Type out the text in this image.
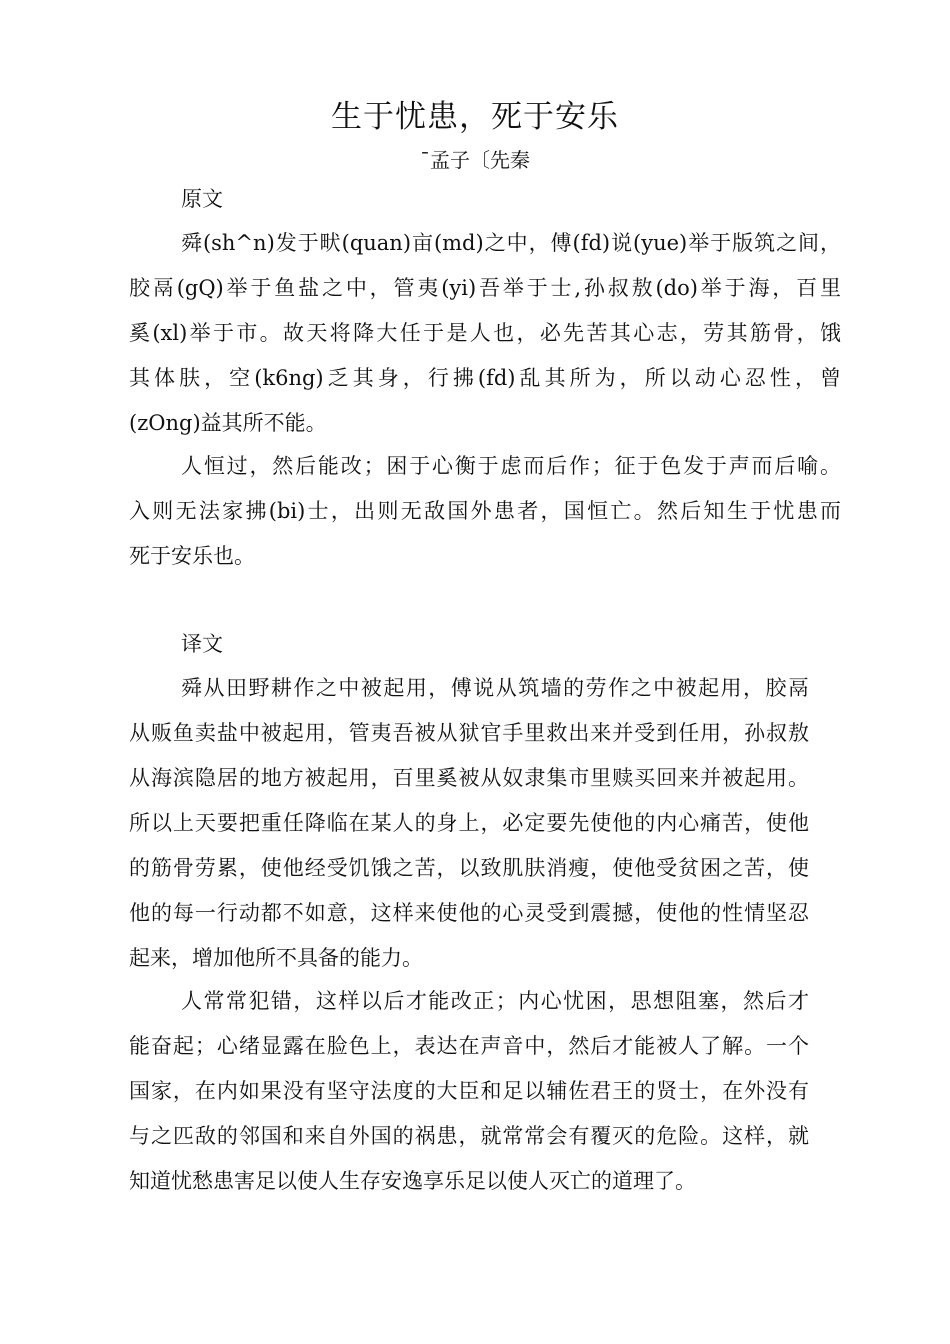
生于忧患，死于安乐
¯孟子〔先秦
原文
舜(sh^n)发于畎(quan)亩(md)之中，傅(fd)说(yue)举于版筑之间，
胶鬲(gQ)举于鱼盐之中，管夷(yi)吾举于士,孙叔敖(do)举于海，百里
奚(xl)举于市。故天将降大任于是人也，必先苦其心志，劳其筋骨，饿
其体肤，空(k6ng)乏其身，行拂(fd)乱其所为，所以动心忍性，曾
(zOng)益其所不能。
人恒过，然后能改；困于心衡于虑而后作；征于色发于声而后喻。
入则无法家拂(bi)士，出则无敌国外患者，国恒亡。然后知生于忧患而
死于安乐也。
译文
舜从田野耕作之中被起用，傅说从筑墙的劳作之中被起用，胶鬲
从贩鱼卖盐中被起用，管夷吾被从狱官手里救出来并受到任用，孙叔敖
从海滨隐居的地方被起用，百里奚被从奴隶集市里赎买回来并被起用。
所以上天要把重任降临在某人的身上，必定要先使他的内心痛苦，使他
的筋骨劳累，使他经受饥饿之苦，以致肌肤消瘦，使他受贫困之苦，使
他的每一行动都不如意，这样来使他的心灵受到震撼，使他的性情坚忍
起来，增加他所不具备的能力。
人常常犯错，这样以后才能改正；内心忧困，思想阻塞，然后才
能奋起；心绪显露在脸色上，表达在声音中，然后才能被人了解。一个
国家，在内如果没有坚守法度的大臣和足以辅佐君王的贤士，在外没有
与之匹敌的邻国和来自外国的祸患，就常常会有覆灭的危险。这样，就
知道忧愁患害足以使人生存安逸享乐足以使人灭亡的道理了。
